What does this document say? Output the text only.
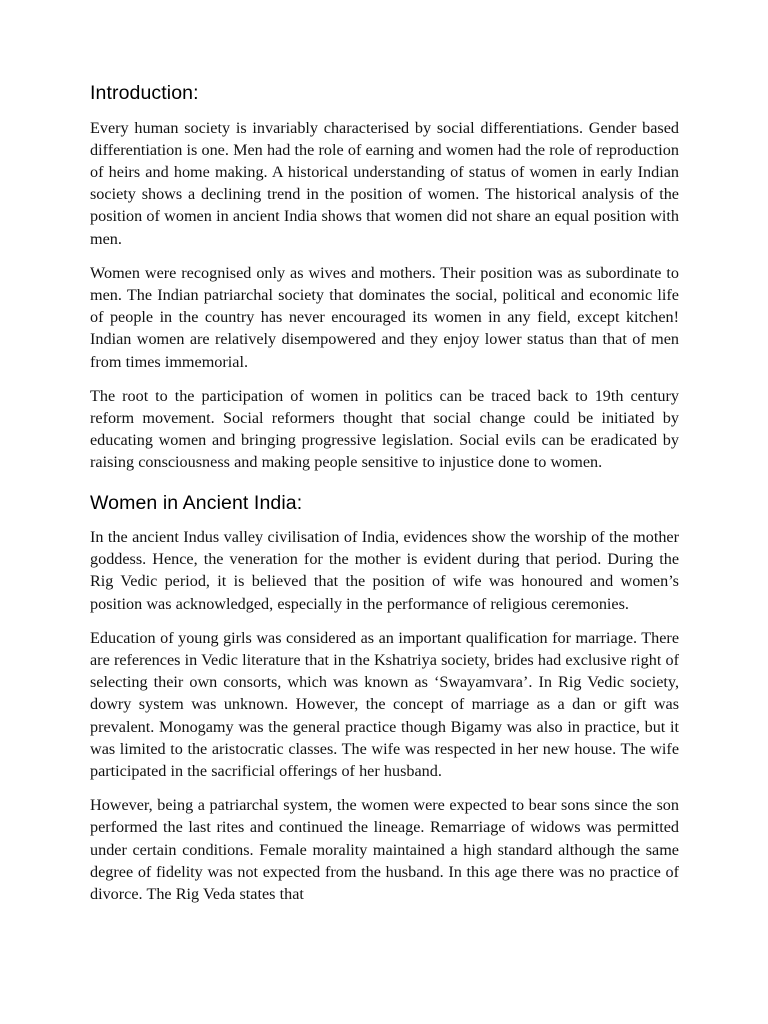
Introduction:

Every human society is invariably characterised by social differentiations. Gender based differentiation is one. Men had the role of earning and women had the role of reproduction of heirs and home making. A historical understanding of status of women in early Indian society shows a declining trend in the position of women. The historical analysis of the position of women in ancient India shows that women did not share an equal position with men.

Women were recognised only as wives and mothers. Their position was as subordinate to men. The Indian patriarchal society that dominates the social, political and economic life of people in the country has never encouraged its women in any field, except kitchen! Indian women are relatively disempowered and they enjoy lower status than that of men from times immemorial.

The root to the participation of women in politics can be traced back to 19th century reform movement. Social reformers thought that social change could be initiated by educating women and bringing progressive legislation. Social evils can be eradicated by raising consciousness and making people sensitive to injustice done to women.

Women in Ancient India:

In the ancient Indus valley civilisation of India, evidences show the worship of the mother goddess. Hence, the veneration for the mother is evident during that period. During the Rig Vedic period, it is believed that the position of wife was honoured and women’s position was acknowledged, especially in the performance of religious ceremonies.

Education of young girls was considered as an important qualification for marriage. There are references in Vedic literature that in the Kshatriya society, brides had exclusive right of selecting their own consorts, which was known as ‘Swayamvara’. In Rig Vedic society, dowry system was unknown. However, the concept of marriage as a dan or gift was prevalent. Monogamy was the general practice though Bigamy was also in practice, but it was limited to the aristocratic classes. The wife was respected in her new house. The wife participated in the sacrificial offerings of her husband.

However, being a patriarchal system, the women were expected to bear sons since the son performed the last rites and continued the lineage. Remarriage of widows was permitted under certain conditions. Female morality maintained a high standard although the same degree of fidelity was not expected from the husband. In this age there was no practice of divorce. The Rig Veda states that
